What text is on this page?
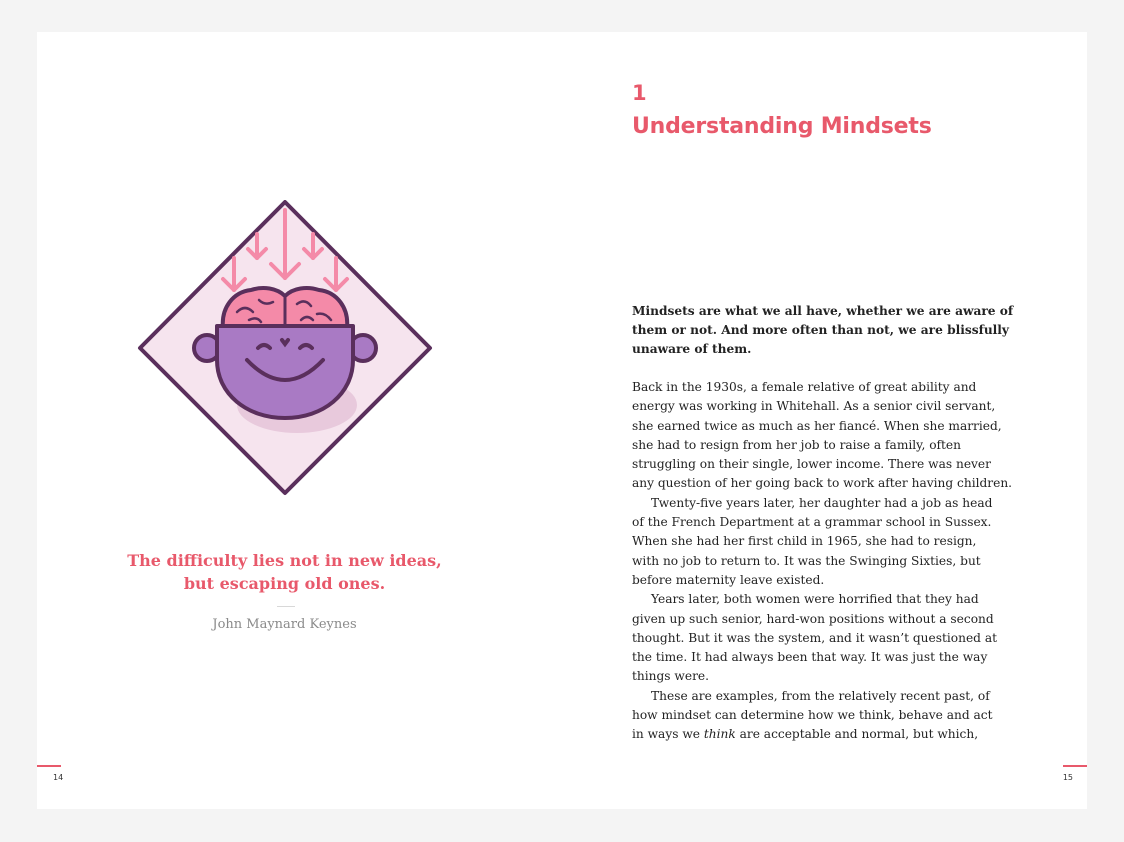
The difficulty lies not in new ideas,
but escaping old ones.
John Maynard Keynes
14
1
Understanding Mindsets
Mindsets are what we all have, whether we are aware of
them or not. And more often than not, we are blissfully
unaware of them.

Back in the 1930s, a female relative of great ability and
energy was working in Whitehall. As a senior civil servant,
she earned twice as much as her fiancé. When she married,
she had to resign from her job to raise a family, often
struggling on their single, lower income. There was never
any question of her going back to work after having children.

Twenty-five years later, her daughter had a job as head
of the French Department at a grammar school in Sussex.
When she had her first child in 1965, she had to resign,
with no job to return to. It was the Swinging Sixties, but
before maternity leave existed.

Years later, both women were horrified that they had
given up such senior, hard-won positions without a second
thought. But it was the system, and it wasn’t questioned at
the time. It had always been that way. It was just the way
things were.

These are examples, from the relatively recent past, of
how mindset can determine how we think, behave and act
in ways we think are acceptable and normal, but which,

15
